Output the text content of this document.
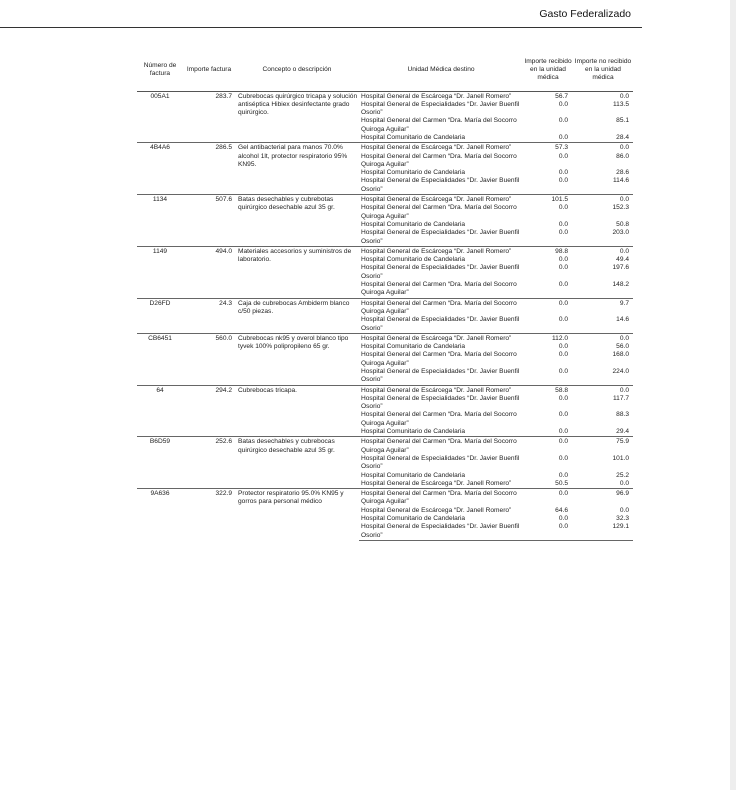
Gasto Federalizado
Número de factura	Importe factura	Concepto o descripción	Unidad Médica destino	Importe recibido en la unidad médica	Importe no recibido en la unidad médica
005A1	283.7	Cubrebocas quirúrgico tricapa y solución antiséptica Hibiex desinfectante grado quirúrgico.	Hospital General de Escárcega “Dr. Janell Romero”	56.7	0.0
			Hospital General de Especialidades “Dr. Javier Buenfil Osorio”	0.0	113.5
			Hospital General del Carmen “Dra. María del Socorro Quiroga Aguilar”	0.0	85.1
			Hospital Comunitario de Candelaria	0.0	28.4
4B4A6	286.5	Gel antibacterial para manos 70.0% alcohol 1lt, protector respiratorio 95% KN95.	Hospital General de Escárcega “Dr. Janell Romero”	57.3	0.0
			Hospital General del Carmen “Dra. María del Socorro Quiroga Aguilar”	0.0	86.0
			Hospital Comunitario de Candelaria	0.0	28.6
			Hospital General de Especialidades “Dr. Javier Buenfil Osorio”	0.0	114.6
1134	507.6	Batas desechables y cubrebotas quirúrgico desechable azul 35 gr.	Hospital General de Escárcega “Dr. Janell Romero”	101.5	0.0
			Hospital General del Carmen “Dra. María del Socorro Quiroga Aguilar”	0.0	152.3
			Hospital Comunitario de Candelaria	0.0	50.8
			Hospital General de Especialidades “Dr. Javier Buenfil Osorio”	0.0	203.0
1149	494.0	Materiales accesorios y suministros de laboratorio.	Hospital General de Escárcega “Dr. Janell Romero”	98.8	0.0
			Hospital Comunitario de Candelaria	0.0	49.4
			Hospital General de Especialidades “Dr. Javier Buenfil Osorio”	0.0	197.6
			Hospital General del Carmen “Dra. María del Socorro Quiroga Aguilar”	0.0	148.2
D26FD	24.3	Caja de cubrebocas Ambiderm blanco c/50 piezas.	Hospital General del Carmen “Dra. María del Socorro Quiroga Aguilar”	0.0	9.7
			Hospital General de Especialidades “Dr. Javier Buenfil Osorio”	0.0	14.6
CB6451	560.0	Cubrebocas nk95 y overol blanco tipo tyvek 100% polipropileno 65 gr.	Hospital General de Escárcega “Dr. Janell Romero”	112.0	0.0
			Hospital Comunitario de Candelaria	0.0	56.0
			Hospital General del Carmen “Dra. María del Socorro Quiroga Aguilar”	0.0	168.0
			Hospital General de Especialidades “Dr. Javier Buenfil Osorio”	0.0	224.0
64	294.2	Cubrebocas tricapa.	Hospital General de Escárcega “Dr. Janell Romero”	58.8	0.0
			Hospital General de Especialidades “Dr. Javier Buenfil Osorio”	0.0	117.7
			Hospital General del Carmen “Dra. María del Socorro Quiroga Aguilar”	0.0	88.3
			Hospital Comunitario de Candelaria	0.0	29.4
B6D59	252.6	Batas desechables y cubrebocas quirúrgico desechable azul 35 gr.	Hospital General del Carmen “Dra. María del Socorro Quiroga Aguilar”	0.0	75.9
			Hospital General de Especialidades “Dr. Javier Buenfil Osorio”	0.0	101.0
			Hospital Comunitario de Candelaria	0.0	25.2
			Hospital General de Escárcega “Dr. Janell Romero”	50.5	0.0
9A636	322.9	Protector respiratorio 95.0% KN95 y gorros para personal médico	Hospital General del Carmen “Dra. María del Socorro Quiroga Aguilar”	0.0	96.9
			Hospital General de Escárcega “Dr. Janell Romero”	64.6	0.0
			Hospital Comunitario de Candelaria	0.0	32.3
			Hospital General de Especialidades “Dr. Javier Buenfil Osorio”	0.0	129.1
